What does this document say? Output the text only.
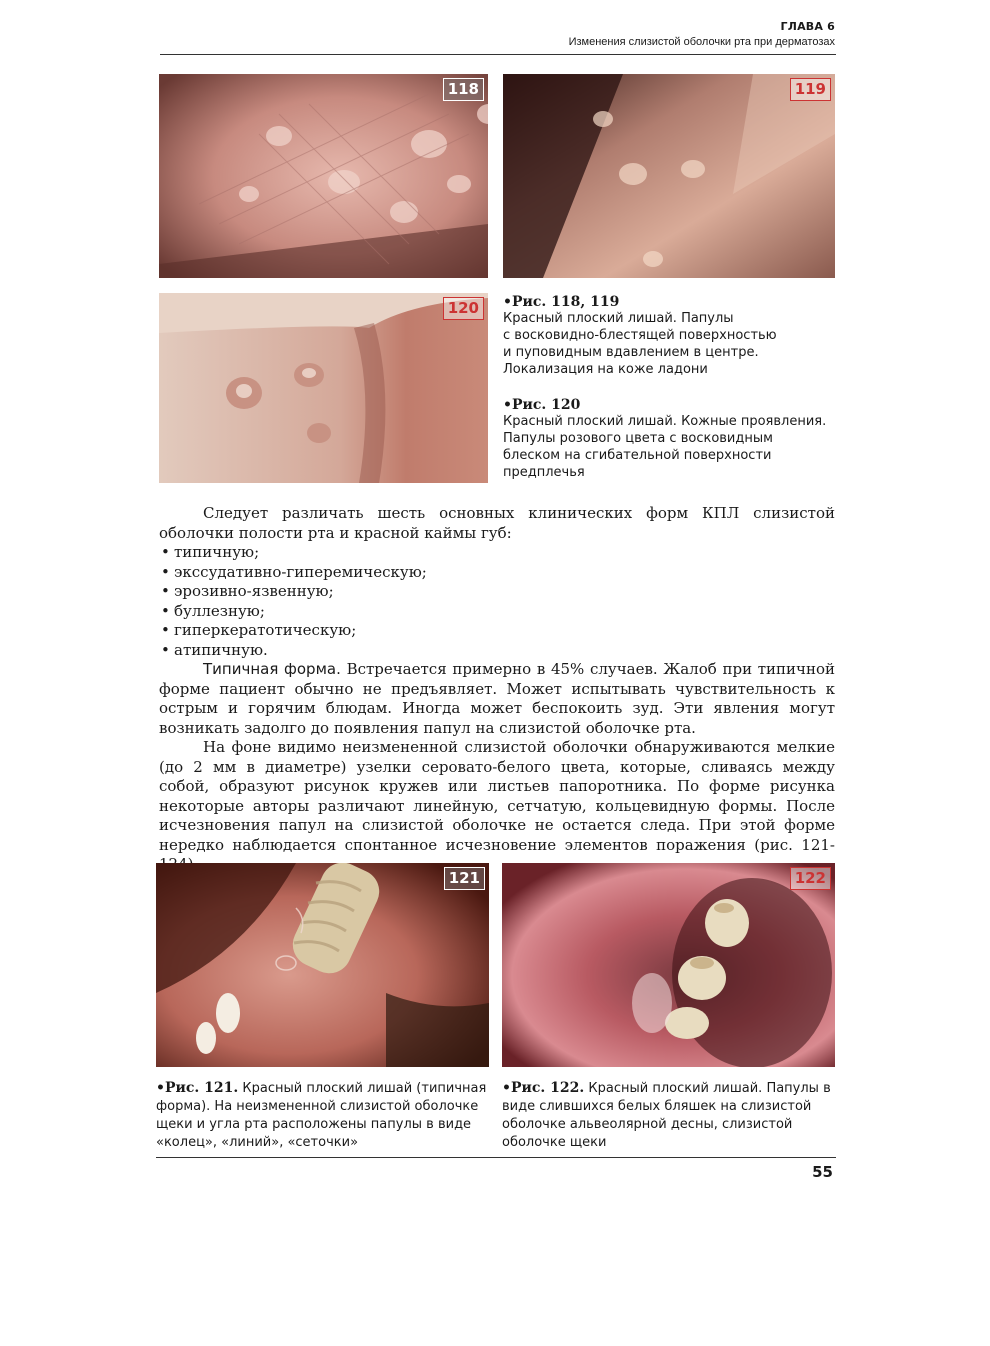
ГЛАВА 6
Изменения слизистой оболочки рта при дерматозах
118	119
120	•Рис. 118, 119
Красный плоский лишай. Папулы
с восковидно-блестящей поверхностью
и пуповидным вдавлением в центре.
Локализация на коже ладони
•Рис. 120
Красный плоский лишай. Кожные проявления.
Папулы розового цвета с восковидным
блеском на сгибательной поверхности
предплечья

Следует различать шесть основных клинических форм КПЛ слизистой оболочки полости рта и красной каймы губ:

• типичную;
• экссудативно-гиперемическую;
• эрозивно-язвенную;
• буллезную;
• гиперкератотическую;
• атипичную.

Типичная форма. Встречается примерно в 45% случаев. Жалоб при типичной форме пациент обычно не предъявляет. Может испытывать чувствительность к острым и горячим блюдам. Иногда может беспокоить зуд. Эти явления могут возникать задолго до появления папул на слизистой оболочке рта.

На фоне видимо неизмененной слизистой оболочки обнаруживаются мелкие (до 2 мм в диаметре) узелки серовато-белого цвета, которые, сливаясь между собой, образуют рисунок кружев или листьев папоротника. По форме рисунка некоторые авторы различают линейную, сетчатую, кольцевидную формы. После исчезновения папул на слизистой оболочке не остается следа. При этой форме нередко наблюдается спонтанное исчезновение элементов поражения (рис. 121-

121	122
•Рис. 121. Красный плоский лишай (типичная форма). На неизмененной слизистой оболочке щеки и угла рта расположены папулы в виде «колец», «линий», «сеточки»
•Рис. 122. Красный плоский лишай. Папулы в виде слившихся белых бляшек на слизистой оболочке альвеолярной десны, слизистой оболочке щеки
55
